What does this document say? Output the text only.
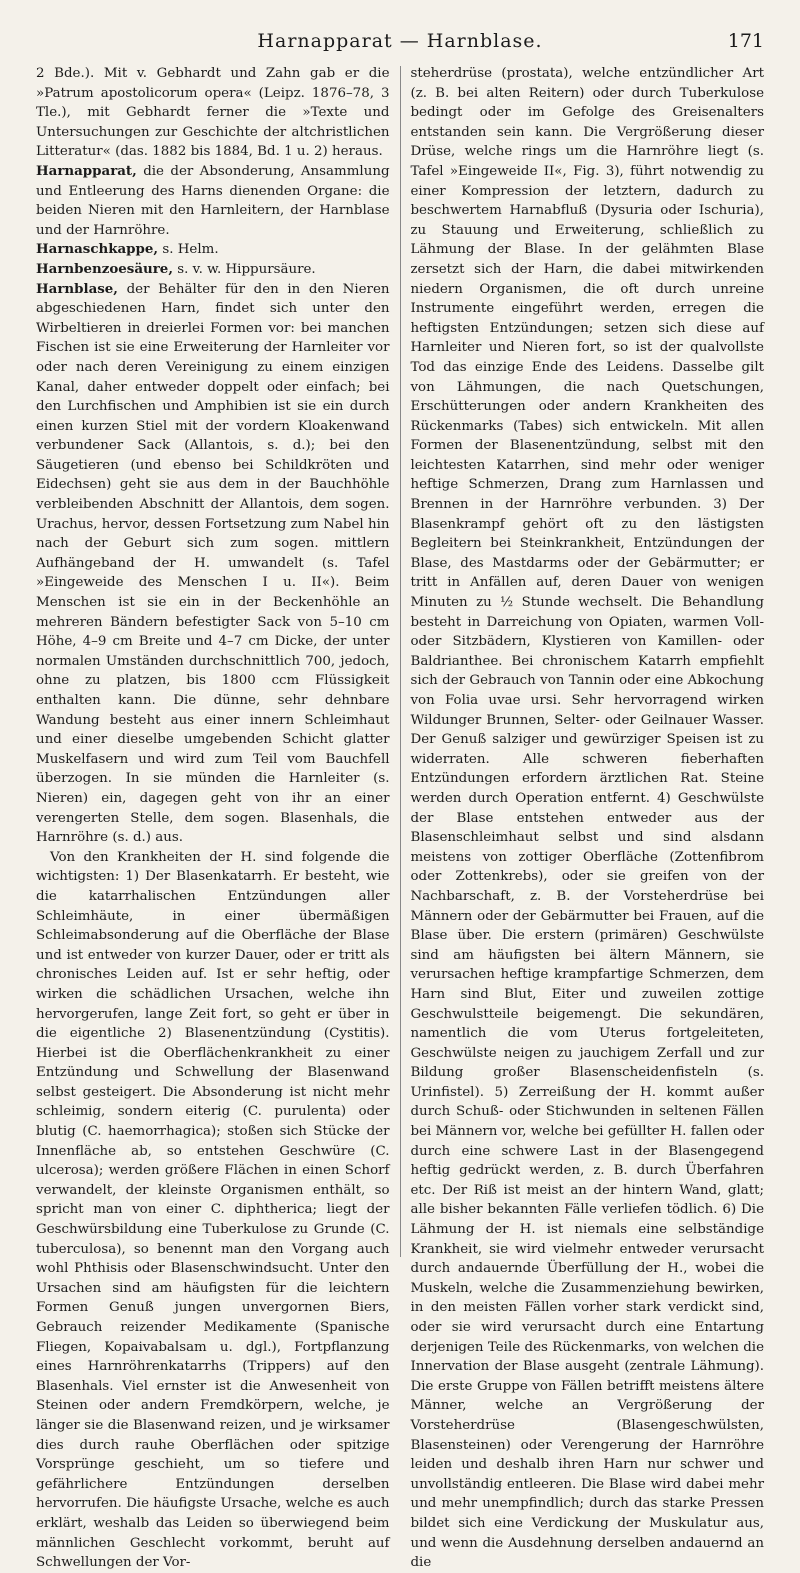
Harnapparat — Harnblase.	171

2 Bde.). Mit v. Gebhardt und Zahn gab er die »Patrum apostolicorum opera« (Leipz. 1876–78, 3 Tle.), mit Gebhardt ferner die »Texte und Untersuchungen zur Geschichte der altchristlichen Litteratur« (das. 1882 bis 1884, Bd. 1 u. 2) heraus.

Harnapparat, die der Absonderung, Ansammlung und Entleerung des Harns dienenden Organe: die beiden Nieren mit den Harnleitern, der Harnblase und der Harnröhre.

Harnaschkappe, s. Helm.

Harnbenzoesäure, s. v. w. Hippursäure.

Harnblase, der Behälter für den in den Nieren abgeschiedenen Harn, findet sich unter den Wirbeltieren in dreierlei Formen vor: bei manchen Fischen ist sie eine Erweiterung der Harnleiter vor oder nach deren Vereinigung zu einem einzigen Kanal, daher entweder doppelt oder einfach; bei den Lurchfischen und Amphibien ist sie ein durch einen kurzen Stiel mit der vordern Kloakenwand verbundener Sack (Allantois, s. d.); bei den Säugetieren (und ebenso bei Schildkröten und Eidechsen) geht sie aus dem in der Bauchhöhle verbleibenden Abschnitt der Allantois, dem sogen. Urachus, hervor, dessen Fortsetzung zum Nabel hin nach der Geburt sich zum sogen. mittlern Aufhängeband der H. umwandelt (s. Tafel »Eingeweide des Menschen I u. II«). Beim Menschen ist sie ein in der Beckenhöhle an mehreren Bändern befestigter Sack von 5–10 cm Höhe, 4–9 cm Breite und 4–7 cm Dicke, der unter normalen Umständen durchschnittlich 700, jedoch, ohne zu platzen, bis 1800 ccm Flüssigkeit enthalten kann. Die dünne, sehr dehnbare Wandung besteht aus einer innern Schleimhaut und einer dieselbe umgebenden Schicht glatter Muskelfasern und wird zum Teil vom Bauchfell überzogen. In sie münden die Harnleiter (s. Nieren) ein, dagegen geht von ihr an einer verengerten Stelle, dem sogen. Blasenhals, die Harnröhre (s. d.) aus.

Von den Krankheiten der H. sind folgende die wichtigsten: 1) Der Blasenkatarrh. Er besteht, wie die katarrhalischen Entzündungen aller Schleimhäute, in einer übermäßigen Schleimabsonderung auf die Oberfläche der Blase und ist entweder von kurzer Dauer, oder er tritt als chronisches Leiden auf. Ist er sehr heftig, oder wirken die schädlichen Ursachen, welche ihn hervorgerufen, lange Zeit fort, so geht er über in die eigentliche 2) Blasenentzündung (Cystitis). Hierbei ist die Oberflächenkrankheit zu einer Entzündung und Schwellung der Blasenwand selbst gesteigert. Die Absonderung ist nicht mehr schleimig, sondern eiterig (C. purulenta) oder blutig (C. haemorrhagica); stoßen sich Stücke der Innenfläche ab, so entstehen Geschwüre (C. ulcerosa); werden größere Flächen in einen Schorf verwandelt, der kleinste Organismen enthält, so spricht man von einer C. diphtherica; liegt der Geschwürsbildung eine Tuberkulose zu Grunde (C. tuberculosa), so benennt man den Vorgang auch wohl Phthisis oder Blasenschwindsucht. Unter den Ursachen sind am häufigsten für die leichtern Formen Genuß jungen unvergornen Biers, Gebrauch reizender Medikamente (Spanische Fliegen, Kopaivabalsam u. dgl.), Fortpflanzung eines Harnröhrenkatarrhs (Trippers) auf den Blasenhals. Viel ernster ist die Anwesenheit von Steinen oder andern Fremdkörpern, welche, je länger sie die Blasenwand reizen, und je wirksamer dies durch rauhe Oberflächen oder spitzige Vorsprünge geschieht, um so tiefere und gefährlichere Entzündungen derselben hervorrufen. Die häufigste Ursache, welche es auch erklärt, weshalb das Leiden so überwiegend beim männlichen Geschlecht vorkommt, beruht auf Schwellungen der Vor-

steherdrüse (prostata), welche entzündlicher Art (z. B. bei alten Reitern) oder durch Tuberkulose bedingt oder im Gefolge des Greisenalters entstanden sein kann. Die Vergrößerung dieser Drüse, welche rings um die Harnröhre liegt (s. Tafel »Eingeweide II«, Fig. 3), führt notwendig zu einer Kompression der letztern, dadurch zu beschwertem Harnabfluß (Dysuria oder Ischuria), zu Stauung und Erweiterung, schließlich zu Lähmung der Blase. In der gelähmten Blase zersetzt sich der Harn, die dabei mitwirkenden niedern Organismen, die oft durch unreine Instrumente eingeführt werden, erregen die heftigsten Entzündungen; setzen sich diese auf Harnleiter und Nieren fort, so ist der qualvollste Tod das einzige Ende des Leidens. Dasselbe gilt von Lähmungen, die nach Quetschungen, Erschütterungen oder andern Krankheiten des Rückenmarks (Tabes) sich entwickeln. Mit allen Formen der Blasenentzündung, selbst mit den leichtesten Katarrhen, sind mehr oder weniger heftige Schmerzen, Drang zum Harnlassen und Brennen in der Harnröhre verbunden. 3) Der Blasenkrampf gehört oft zu den lästigsten Begleitern bei Steinkrankheit, Entzündungen der Blase, des Mastdarms oder der Gebärmutter; er tritt in Anfällen auf, deren Dauer von wenigen Minuten zu ½ Stunde wechselt. Die Behandlung besteht in Darreichung von Opiaten, warmen Voll- oder Sitzbädern, Klystieren von Kamillen- oder Baldrianthee. Bei chronischem Katarrh empfiehlt sich der Gebrauch von Tannin oder eine Abkochung von Folia uvae ursi. Sehr hervorragend wirken Wildunger Brunnen, Selter- oder Geilnauer Wasser. Der Genuß salziger und gewürziger Speisen ist zu widerraten. Alle schweren fieberhaften Entzündungen erfordern ärztlichen Rat. Steine werden durch Operation entfernt. 4) Geschwülste der Blase entstehen entweder aus der Blasenschleimhaut selbst und sind alsdann meistens von zottiger Oberfläche (Zottenfibrom oder Zottenkrebs), oder sie greifen von der Nachbarschaft, z. B. der Vorsteherdrüse bei Männern oder der Gebärmutter bei Frauen, auf die Blase über. Die erstern (primären) Geschwülste sind am häufigsten bei ältern Männern, sie verursachen heftige krampfartige Schmerzen, dem Harn sind Blut, Eiter und zuweilen zottige Geschwulstteile beigemengt. Die sekundären, namentlich die vom Uterus fortgeleiteten, Geschwülste neigen zu jauchigem Zerfall und zur Bildung großer Blasenscheidenfisteln (s. Urinfistel). 5) Zerreißung der H. kommt außer durch Schuß- oder Stichwunden in seltenen Fällen bei Männern vor, welche bei gefüllter H. fallen oder durch eine schwere Last in der Blasengegend heftig gedrückt werden, z. B. durch Überfahren etc. Der Riß ist meist an der hintern Wand, glatt; alle bisher bekannten Fälle verliefen tödlich. 6) Die Lähmung der H. ist niemals eine selbständige Krankheit, sie wird vielmehr entweder verursacht durch andauernde Überfüllung der H., wobei die Muskeln, welche die Zusammenziehung bewirken, in den meisten Fällen vorher stark verdickt sind, oder sie wird verursacht durch eine Entartung derjenigen Teile des Rückenmarks, von welchen die Innervation der Blase ausgeht (zentrale Lähmung). Die erste Gruppe von Fällen betrifft meistens ältere Männer, welche an Vergrößerung der Vorsteherdrüse (Blasengeschwülsten, Blasensteinen) oder Verengerung der Harnröhre leiden und deshalb ihren Harn nur schwer und unvollständig entleeren. Die Blase wird dabei mehr und mehr unempfindlich; durch das starke Pressen bildet sich eine Verdickung der Muskulatur aus, und wenn die Ausdehnung derselben andauernd an die
